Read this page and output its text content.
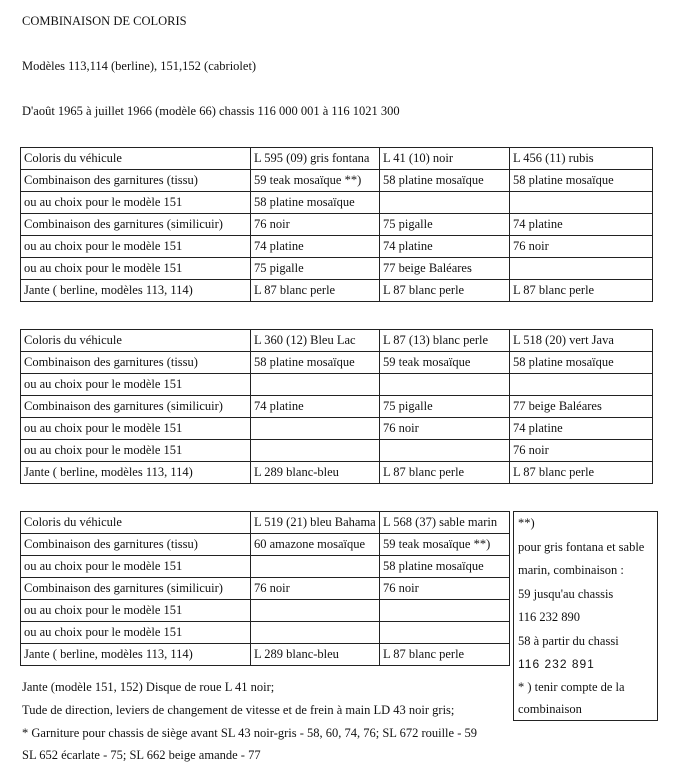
COMBINAISON DE COLORIS
Modèles 113,114 (berline), 151,152 (cabriolet)
D'août 1965 à juillet 1966 (modèle 66) chassis 116 000 001 à 116 1021 300
Coloris du véhicule	L 595 (09) gris fontana	L 41 (10) noir	L 456 (11) rubis
Combinaison des garnitures (tissu)	59 teak mosaïque **)	58 platine mosaïque	58 platine mosaïque
ou au choix pour le modèle 151	58 platine mosaïque		
Combinaison des garnitures (similicuir)	76 noir	75 pigalle	74 platine
ou au choix pour le modèle 151	74 platine	74 platine	76 noir
ou au choix pour le modèle 151	75 pigalle	77 beige Baléares	
Jante ( berline, modèles 113, 114)	L 87 blanc perle	L 87 blanc perle	L 87 blanc perle
Coloris du véhicule	L 360 (12) Bleu Lac	L 87 (13) blanc perle	L 518 (20) vert Java
Combinaison des garnitures (tissu)	58 platine mosaïque	59 teak mosaïque	58 platine mosaïque
ou au choix pour le modèle 151			
Combinaison des garnitures (similicuir)	74 platine	75 pigalle	77 beige Baléares
ou au choix pour le modèle 151		76 noir	74 platine
ou au choix pour le modèle 151			76 noir
Jante ( berline, modèles 113, 114)	L 289 blanc-bleu	L 87 blanc perle	L 87 blanc perle
Coloris du véhicule	L 519 (21) bleu Bahama	L 568 (37) sable marin
Combinaison des garnitures (tissu)	60 amazone mosaïque	59 teak mosaïque **)
ou au choix pour le modèle 151		58 platine mosaïque
Combinaison des garnitures (similicuir)	76 noir	76 noir
ou au choix pour le modèle 151		
ou au choix pour le modèle 151		
Jante ( berline, modèles 113, 114)	L 289 blanc-bleu	L 87 blanc perle
**)
pour gris fontana et sable
marin, combinaison :
59 jusqu'au chassis
116 232 890
58 à partir du chassi
116 232 891
* ) tenir compte de la
combinaison
Jante (modèle 151, 152) Disque de roue L 41 noir;
Tude de direction, leviers de changement de vitesse et de frein à main LD 43 noir gris;
* Garniture pour chassis de siège avant SL 43 noir-gris - 58, 60, 74, 76; SL 672 rouille - 59
SL 652 écarlate - 75; SL 662 beige amande - 77
